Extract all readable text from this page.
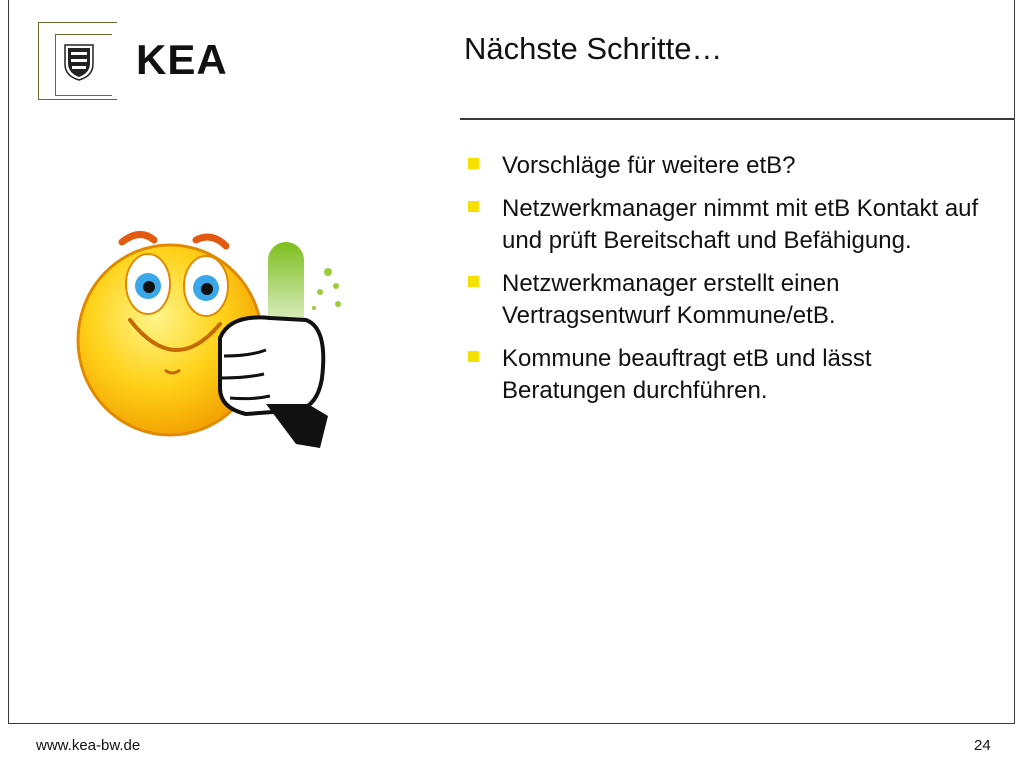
KEA	Nächste Schritte…
Vorschläge für weitere etB?
Netzwerkmanager nimmt mit etB Kontakt auf und prüft Bereitschaft und Befähigung.
Netzwerkmanager erstellt einen Vertragsentwurf Kommune/etB.
Kommune beauftragt etB und lässt Beratungen durchführen.
www.kea-bw.de	24
